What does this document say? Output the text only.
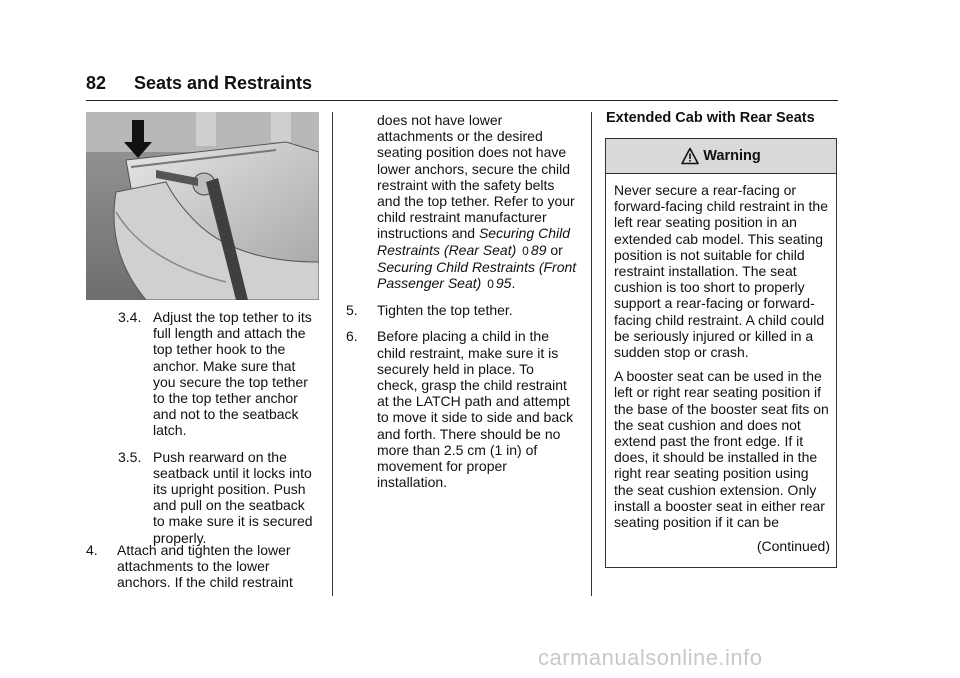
82 Seats and Restraints
3.4. Adjust the top tether to its full length and attach the top tether hook to the anchor. Make sure that you secure the top tether to the top tether anchor and not to the seatback latch.

3.5. Push rearward on the seatback until it locks into its upright position. Push and pull on the seatback to make sure it is secured properly.

4. Attach and tighten the lower attachments to the lower anchors. If the child restraint

does not have lower attachments or the desired seating position does not have lower anchors, secure the child restraint with the safety belts and the top tether. Refer to your child restraint manufacturer instructions and Securing Child Restraints (Rear Seat) 0 89 or Securing Child Restraints (Front Passenger Seat) 0 95.

5. Tighten the top tether.

6. Before placing a child in the child restraint, make sure it is securely held in place. To check, grasp the child restraint at the LATCH path and attempt to move it side to side and back and forth. There should be no more than 2.5 cm (1 in) of movement for proper installation.

Extended Cab with Rear Seats
Warning

Never secure a rear-facing or forward-facing child restraint in the left rear seating position in an extended cab model. This seating position is not suitable for child restraint installation. The seat cushion is too short to properly support a rear-facing or forward-facing child restraint. A child could be seriously injured or killed in a sudden stop or crash.

A booster seat can be used in the left or right rear seating position if the base of the booster seat fits on the seat cushion and does not extend past the front edge. If it does, it should be installed in the right rear seating position using the seat cushion extension. Only install a booster seat in either rear seating position if it can be

(Continued)

carmanualsonline.info
